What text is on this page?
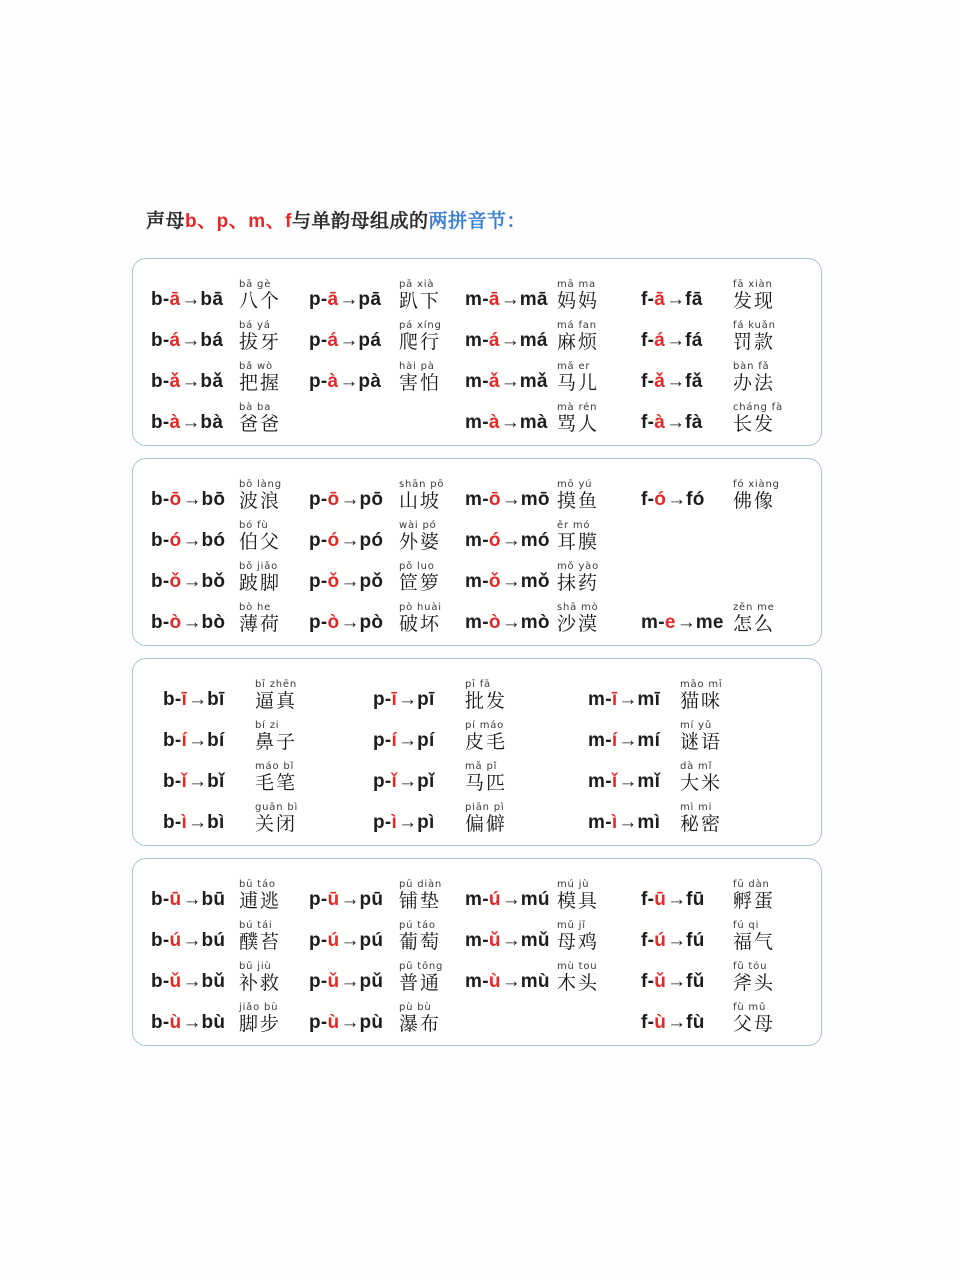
声母b、p、m、f与单韵母组成的两拼音节：
b-ā→bā
bā gè
八个
b-á→bá
bá yá
拔牙
b-ǎ→bǎ
bǎ wò
把握
b-à→bà
bà ba
爸爸
p-ā→pā
pā xià
趴下
p-á→pá
pá xíng
爬行
p-à→pà
hài pà
害怕
m-ā→mā
mā ma
妈妈
m-á→má
má fan
麻烦
m-ǎ→mǎ
mǎ er
马儿
m-à→mà
mà rén
骂人
f-ā→fā
fā xiàn
发现
f-á→fá
fá kuǎn
罚款
f-ǎ→fǎ
bàn fǎ
办法
f-à→fà
cháng fà
长发
b-ō→bō
bō làng
波浪
b-ó→bó
bó fù
伯父
b-ǒ→bǒ
bǒ jiǎo
跛脚
b-ò→bò
bò he
薄荷
p-ō→pō
shān pō
山坡
p-ó→pó
wài pó
外婆
p-ǒ→pǒ
pǒ luo
笸箩
p-ò→pò
pò huài
破坏
m-ō→mō
mō yú
摸鱼
m-ó→mó
ěr mó
耳膜
m-ǒ→mǒ
mǒ yào
抹药
m-ò→mò
shā mò
沙漠
f-ó→fó
fó xiàng
佛像
m-e→me
zěn me
怎么
b-ī→bī
bī zhēn
逼真
b-í→bí
bí zi
鼻子
b-ǐ→bǐ
máo bǐ
毛笔
b-ì→bì
guān bì
关闭
p-ī→pī
pī fā
批发
p-í→pí
pí máo
皮毛
p-ǐ→pǐ
mǎ pǐ
马匹
p-ì→pì
piān pì
偏僻
m-ī→mī
māo mī
猫咪
m-í→mí
mí yǔ
谜语
m-ǐ→mǐ
dà mǐ
大米
m-ì→mì
mì mi
秘密
b-ū→bū
bū táo
逋逃
b-ú→bú
bú tái
醭苔
b-ǔ→bǔ
bǔ jiù
补救
b-ù→bù
jiǎo bù
脚步
p-ū→pū
pū diàn
铺垫
p-ú→pú
pú táo
葡萄
p-ǔ→pǔ
pǔ tōng
普通
p-ù→pù
pù bù
瀑布
m-ú→mú
mú jù
模具
m-ǔ→mǔ
mǔ jī
母鸡
m-ù→mù
mù tou
木头
f-ū→fū
fū dàn
孵蛋
f-ú→fú
fú qi
福气
f-ǔ→fǔ
fǔ tóu
斧头
f-ù→fù
fù mǔ
父母
